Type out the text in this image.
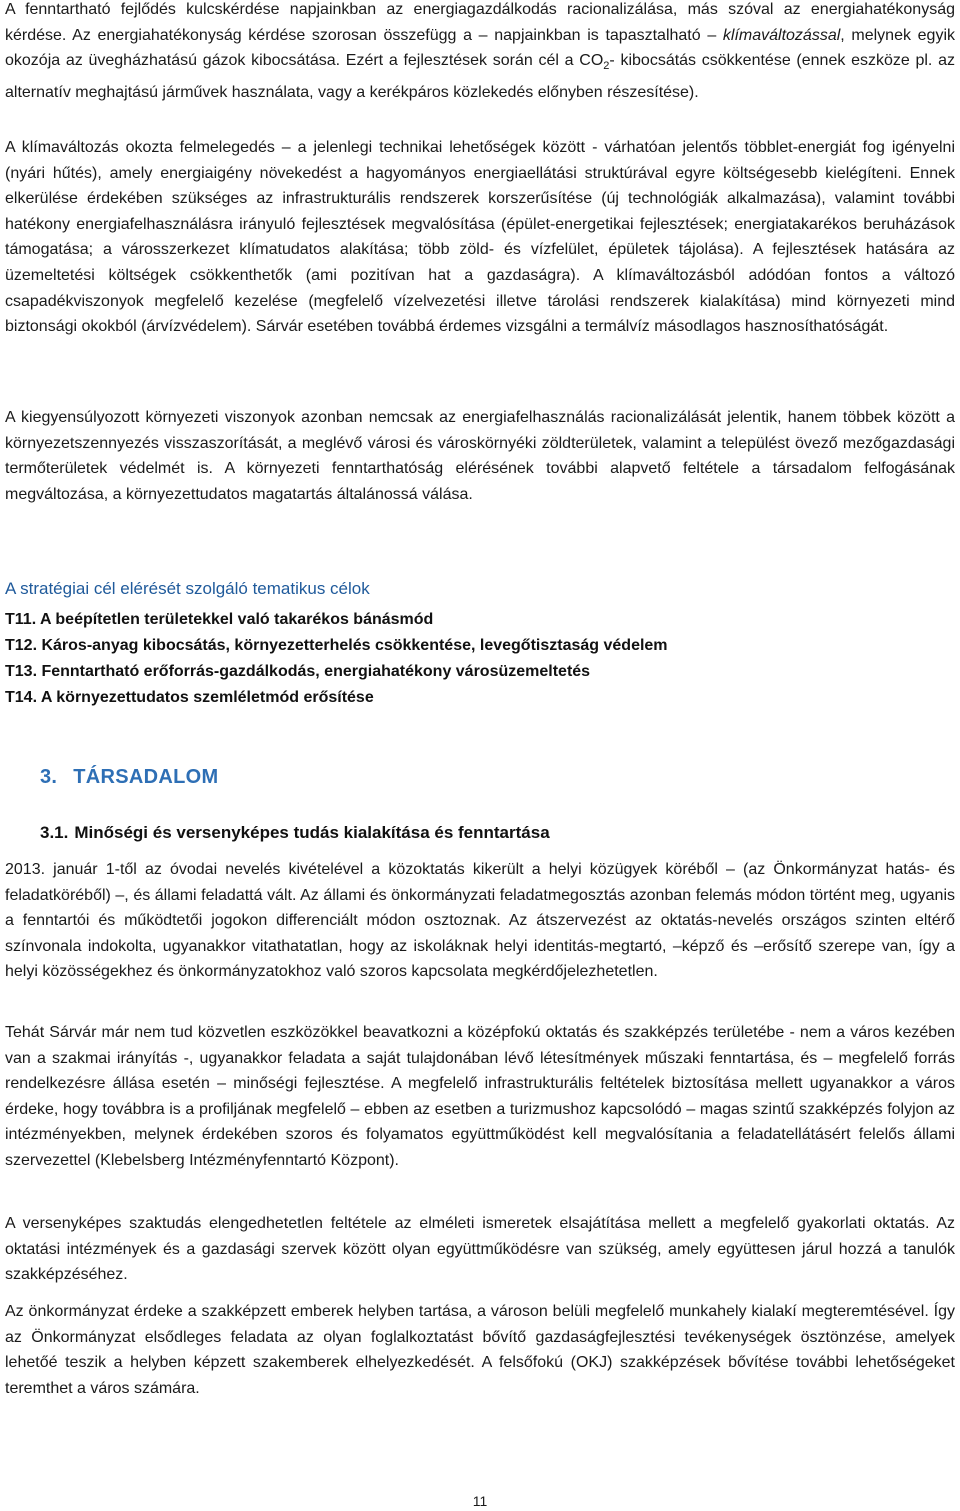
A fenntartható fejlődés kulcskérdése napjainkban az energiagazdálkodás racionalizálása, más szóval az energiahatékonyság kérdése. Az energiahatékonyság kérdése szorosan összefügg a – napjainkban is tapasztalható – klímaváltozással, melynek egyik okozója az üvegházhatású gázok kibocsátása. Ezért a fejlesztések során cél a $CO_2-$ kibocsátás csökkentése (ennek eszköze pl. az alternatív meghajtású járművek használata, vagy a kerékpáros közlekedés előnyben részesítése).

A klímaváltozás okozta felmelegedés – a jelenlegi technikai lehetőségek között - várhatóan jelentős többlet-energiát fog igényelni (nyári hűtés), amely energiaigény növekedést a hagyományos energiaellátási struktúrával egyre költségesebb kielégíteni. Ennek elkerülése érdekében szükséges az infrastrukturális rendszerek korszerűsítése (új technológiák alkalmazása), valamint további hatékony energiafelhasználásra irányuló fejlesztések megvalósítása (épület-energetikai fejlesztések; energiatakarékos beruházások támogatása; a városszerkezet klímatudatos alakítása; több zöld- és vízfelület, épületek tájolása). A fejlesztések hatására az üzemeltetési költségek csökkenthetők (ami pozitívan hat a gazdaságra). A klímaváltozásból adódóan fontos a változó csapadékviszonyok megfelelő kezelése (megfelelő vízelvezetési illetve tárolási rendszerek kialakítása) mind környezeti mind biztonsági okokból (árvízvédelem). Sárvár esetében továbbá érdemes vizsgálni a termálvíz másodlagos hasznosíthatóságát.

A kiegyensúlyozott környezeti viszonyok azonban nemcsak az energiafelhasználás racionalizálását jelentik, hanem többek között a környezetszennyezés visszaszorítását, a meglévő városi és városkörnyéki zöldterületek, valamint a települést övező mezőgazdasági termőterületek védelmét is. A környezeti fenntarthatóság elérésének további alapvető feltétele a társadalom felfogásának megváltozása, a környezettudatos magatartás általánossá válása.

A stratégiai cél elérését szolgáló tematikus célok

T11. A beépítetlen területekkel való takarékos bánásmód

T12. Káros-anyag kibocsátás, környezetterhelés csökkentése, levegőtisztaság védelem

T13. Fenntartható erőforrás-gazdálkodás, energiahatékony városüzemeltetés

T14. A környezettudatos szemléletmód erősítése

3. TÁRSADALOM
3.1. Minőségi és versenyképes tudás kialakítása és fenntartása

2013. január 1-től az óvodai nevelés kivételével a közoktatás kikerült a helyi közügyek köréből – (az Önkormányzat hatás- és feladatköréből) –, és állami feladattá vált. Az állami és önkormányzati feladatmegosztás azonban felemás módon történt meg, ugyanis a fenntartói és működtetői jogokon differenciált módon osztoznak. Az átszervezést az oktatás-nevelés országos szinten eltérő színvonala indokolta, ugyanakkor vitathatatlan, hogy az iskoláknak helyi identitás-megtartó, –képző és –erősítő szerepe van, így a helyi közösségekhez és önkormányzatokhoz való szoros kapcsolata megkérdőjelezhetetlen.

Tehát Sárvár már nem tud közvetlen eszközökkel beavatkozni a középfokú oktatás és szakképzés területébe - nem a város kezében van a szakmai irányítás -, ugyanakkor feladata a saját tulajdonában lévő létesítmények műszaki fenntartása, és – megfelelő forrás rendelkezésre állása esetén – minőségi fejlesztése. A megfelelő infrastrukturális feltételek biztosítása mellett ugyanakkor a város érdeke, hogy továbbra is a profiljának megfelelő – ebben az esetben a turizmushoz kapcsolódó – magas szintű szakképzés folyjon az intézményekben, melynek érdekében szoros és folyamatos együttműködést kell megvalósítania a feladatellátásért felelős állami szervezettel (Klebelsberg Intézményfenntartó Központ).

A versenyképes szaktudás elengedhetetlen feltétele az elméleti ismeretek elsajátítása mellett a megfelelő gyakorlati oktatás. Az oktatási intézmények és a gazdasági szervek között olyan együttműködésre van szükség, amely együttesen járul hozzá a tanulók szakképzéséhez.

Az önkormányzat érdeke a szakképzett emberek helyben tartása, a városon belüli megfelelő munkahely kialakí megteremtésével. Így az Önkormányzat elsődleges feladata az olyan foglalkoztatást bővítő gazdaságfejlesztési tevékenységek ösztönzése, amelyek lehetőé teszik a helyben képzett szakemberek elhelyezkedését. A felsőfokú (OKJ) szakképzések bővítése további lehetőségeket teremthet a város számára.

11
